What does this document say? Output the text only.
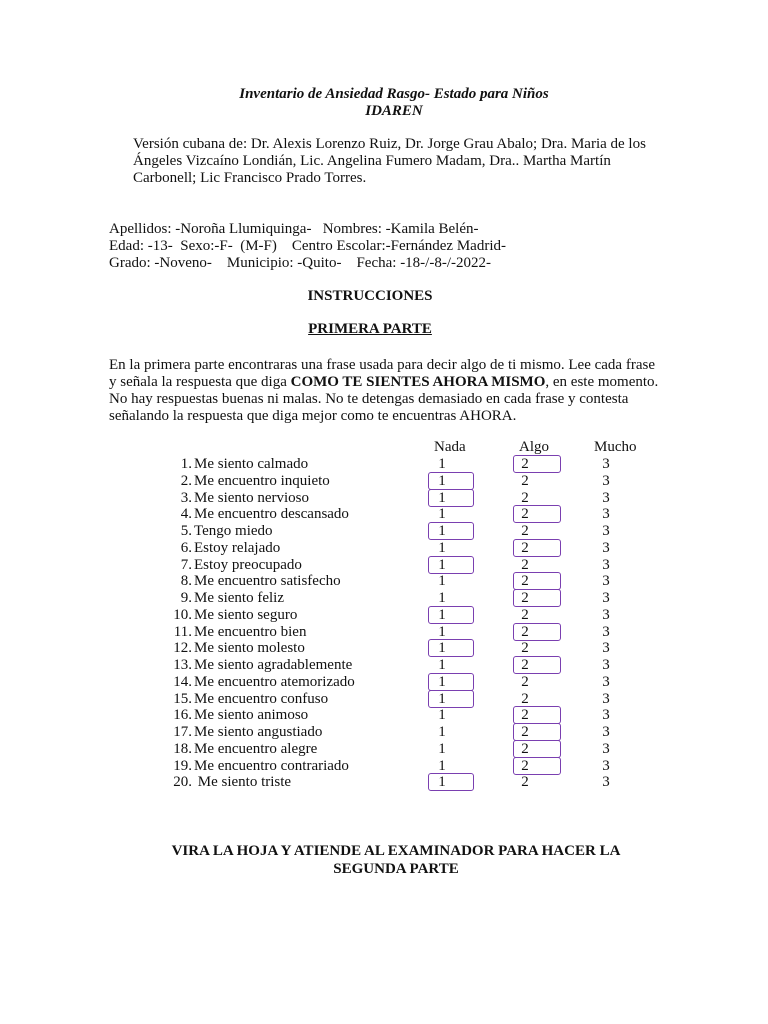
Inventario de Ansiedad Rasgo- Estado para Niños
IDAREN
Versión cubana de: Dr. Alexis Lorenzo Ruiz, Dr. Jorge Grau Abalo; Dra. Maria de los Ángeles Vizcaíno Londián, Lic. Angelina Fumero Madam, Dra.. Martha Martín Carbonell; Lic Francisco Prado Torres.
Apellidos: -Noroña Llumiquinga-   Nombres: -Kamila Belén-
Edad: -13-  Sexo:-F-  (M-F)    Centro Escolar:-Fernández Madrid-
Grado: -Noveno-    Municipio: -Quito-    Fecha: -18-/-8-/-2022-
INSTRUCCIONES
PRIMERA PARTE
En la primera parte encontraras una frase usada para decir algo de ti mismo. Lee cada frase y señala la respuesta que diga COMO TE SIENTES AHORA MISMO, en este momento. No hay respuestas buenas ni malas. No te detengas demasiado en cada frase y contesta señalando la respuesta que diga mejor como te encuentras AHORA.
Nada	Algo	Mucho
1. Me siento calmado	1	2	3
2. Me encuentro inquieto	1	2	3
3. Me siento nervioso	1	2	3
4. Me encuentro descansado	1	2	3
5. Tengo miedo	1	2	3
6. Estoy relajado	1	2	3
7. Estoy preocupado	1	2	3
8. Me encuentro satisfecho	1	2	3
9. Me siento feliz	1	2	3
10. Me siento seguro	1	2	3
11. Me encuentro bien	1	2	3
12. Me siento molesto	1	2	3
13. Me siento agradablemente	1	2	3
14. Me encuentro atemorizado	1	2	3
15. Me encuentro confuso	1	2	3
16. Me siento animoso	1	2	3
17. Me siento angustiado	1	2	3
18. Me encuentro alegre	1	2	3
19. Me encuentro contrariado	1	2	3
20. Me siento triste	1	2	3
VIRA LA HOJA Y ATIENDE AL EXAMINADOR PARA HACER LA
SEGUNDA PARTE
